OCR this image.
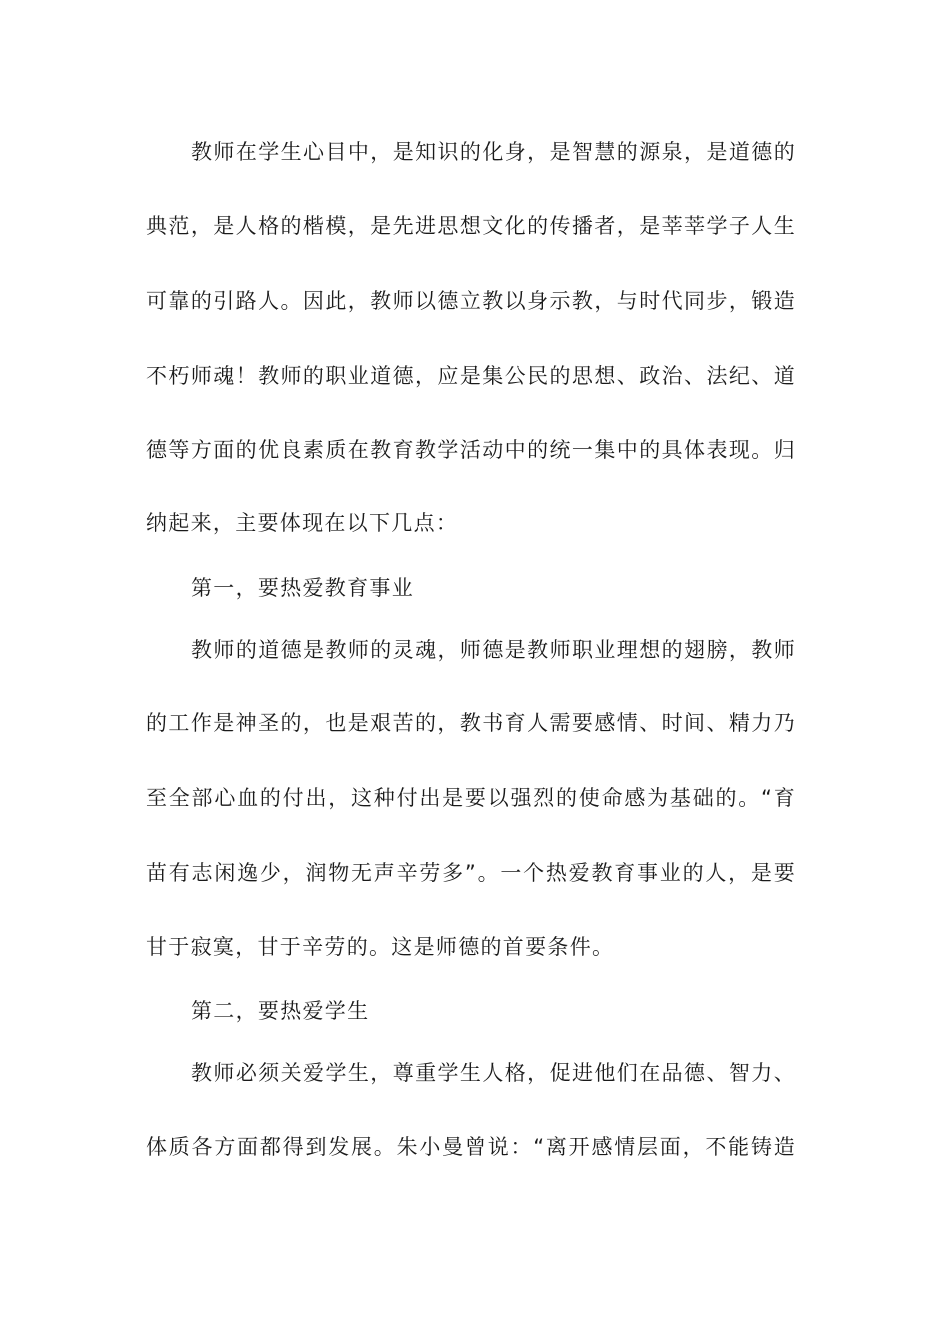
教师在学生心目中，是知识的化身，是智慧的源泉，是道德的
典范，是人格的楷模，是先进思想文化的传播者，是莘莘学子人生
可靠的引路人。因此，教师以德立教以身示教，与时代同步，锻造
不朽师魂！教师的职业道德，应是集公民的思想、政治、法纪、道
德等方面的优良素质在教育教学活动中的统一集中的具体表现。归
纳起来，主要体现在以下几点：
第一，要热爱教育事业
教师的道德是教师的灵魂，师德是教师职业理想的翅膀，教师
的工作是神圣的，也是艰苦的，教书育人需要感情、时间、精力乃
至全部心血的付出，这种付出是要以强烈的使命感为基础的。“育
苗有志闲逸少，润物无声辛劳多”。一个热爱教育事业的人，是要
甘于寂寞，甘于辛劳的。这是师德的首要条件。
第二，要热爱学生
教师必须关爱学生，尊重学生人格，促进他们在品德、智力、
体质各方面都得到发展。朱小曼曾说：“离开感情层面，不能铸造
